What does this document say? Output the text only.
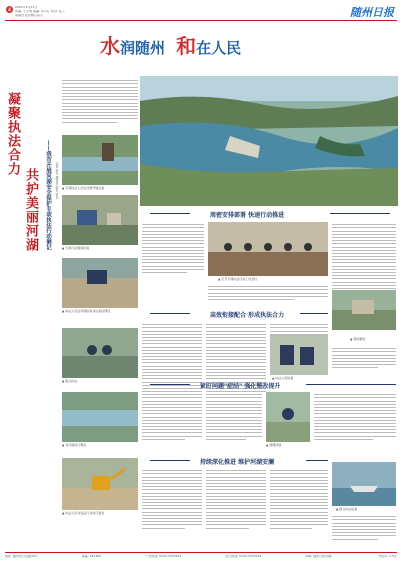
4	2021年1月21日
责编: 王小明 美编: 李小红 校对: 张三
星期四 农历腊月初九	随州日报
水润随州 和在人民
凝聚执法合力
共护美丽河湖	——我市开展河湖安全保护专项执法行动侧记	记者 姓名 通讯员 姓名 姓名 ▲ 专项执法人员在河道开展巡查
▲ 专项行动现场检查
▲ 执法人员在河道检查非法采砂情况
▲ 联合执法
▲ 对河道进行整治
▲ 执法人员对违法行为进行查处
周密安排部署 快速行动推进
▲ 召开专项执法行动工作会议
高效衔接配合 形成执法合力
▲ 执法人员检查
▲ 现场整改
紧盯问题"症结" 强化整改提升
▲ 清理河道
持续深化推进 维护河湖安澜
▲ 联合执法巡查
地址: 随州市汉东路30号	邮编: 441300	广告热线: 0722-3333333	发行热线: 0722-3333333	印刷: 随州日报印刷厂	零售价: 1.5元
